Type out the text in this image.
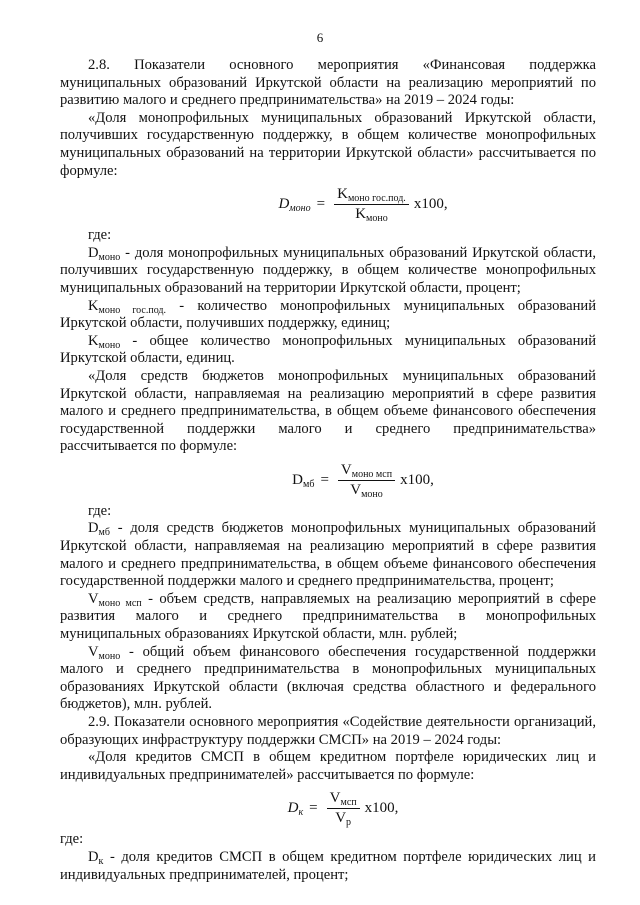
6

2.8. Показатели основного мероприятия «Финансовая поддержка муниципальных образований Иркутской области на реализацию мероприятий по развитию малого и среднего предпринимательства» на 2019 – 2024 годы:

«Доля монопрофильных муниципальных образований Иркутской области, получивших государственную поддержку, в общем количестве монопрофильных муниципальных образований на территории Иркутской области» рассчитывается по формуле:

$D_{моно} = \frac{K_{моно гос.под.}}{K_{моно}} x100$,

где:

$D_{моно}$ - доля монопрофильных муниципальных образований Иркутской области, получивших государственную поддержку, в общем количестве монопрофильных муниципальных образований на территории Иркутской области, процент;

$K_{моно гос.под.}$ - количество монопрофильных муниципальных образований Иркутской области, получивших поддержку, единиц;

$K_{моно}$ - общее количество монопрофильных муниципальных образований Иркутской области, единиц.

«Доля средств бюджетов монопрофильных муниципальных образований Иркутской области, направляемая на реализацию мероприятий в сфере развития малого и среднего предпринимательства, в общем объеме финансового обеспечения государственной поддержки малого и среднего предпринимательства» рассчитывается по формуле:

$D_{мб} = \frac{V_{моно мсп}}{V_{моно}} x100$,

где:

$D_{мб}$ - доля средств бюджетов монопрофильных муниципальных образований Иркутской области, направляемая на реализацию мероприятий в сфере развития малого и среднего предпринимательства, в общем объеме финансового обеспечения государственной поддержки малого и среднего предпринимательства, процент;

$V_{моно мсп}$ - объем средств, направляемых на реализацию мероприятий в сфере развития малого и среднего предпринимательства в монопрофильных муниципальных образованиях Иркутской области, млн. рублей;

$V_{моно}$ - общий объем финансового обеспечения государственной поддержки малого и среднего предпринимательства в монопрофильных муниципальных образованиях Иркутской области (включая средства областного и федерального бюджетов), млн. рублей.

2.9. Показатели основного мероприятия «Содействие деятельности организаций, образующих инфраструктуру поддержки СМСП» на 2019 – 2024 годы:

«Доля кредитов СМСП в общем кредитном портфеле юридических лиц и индивидуальных предпринимателей» рассчитывается по формуле:

$D_к = \frac{V_{мсп}}{V_р} x100$,

где:

$D_к$ - доля кредитов СМСП в общем кредитном портфеле юридических лиц и индивидуальных предпринимателей, процент;
